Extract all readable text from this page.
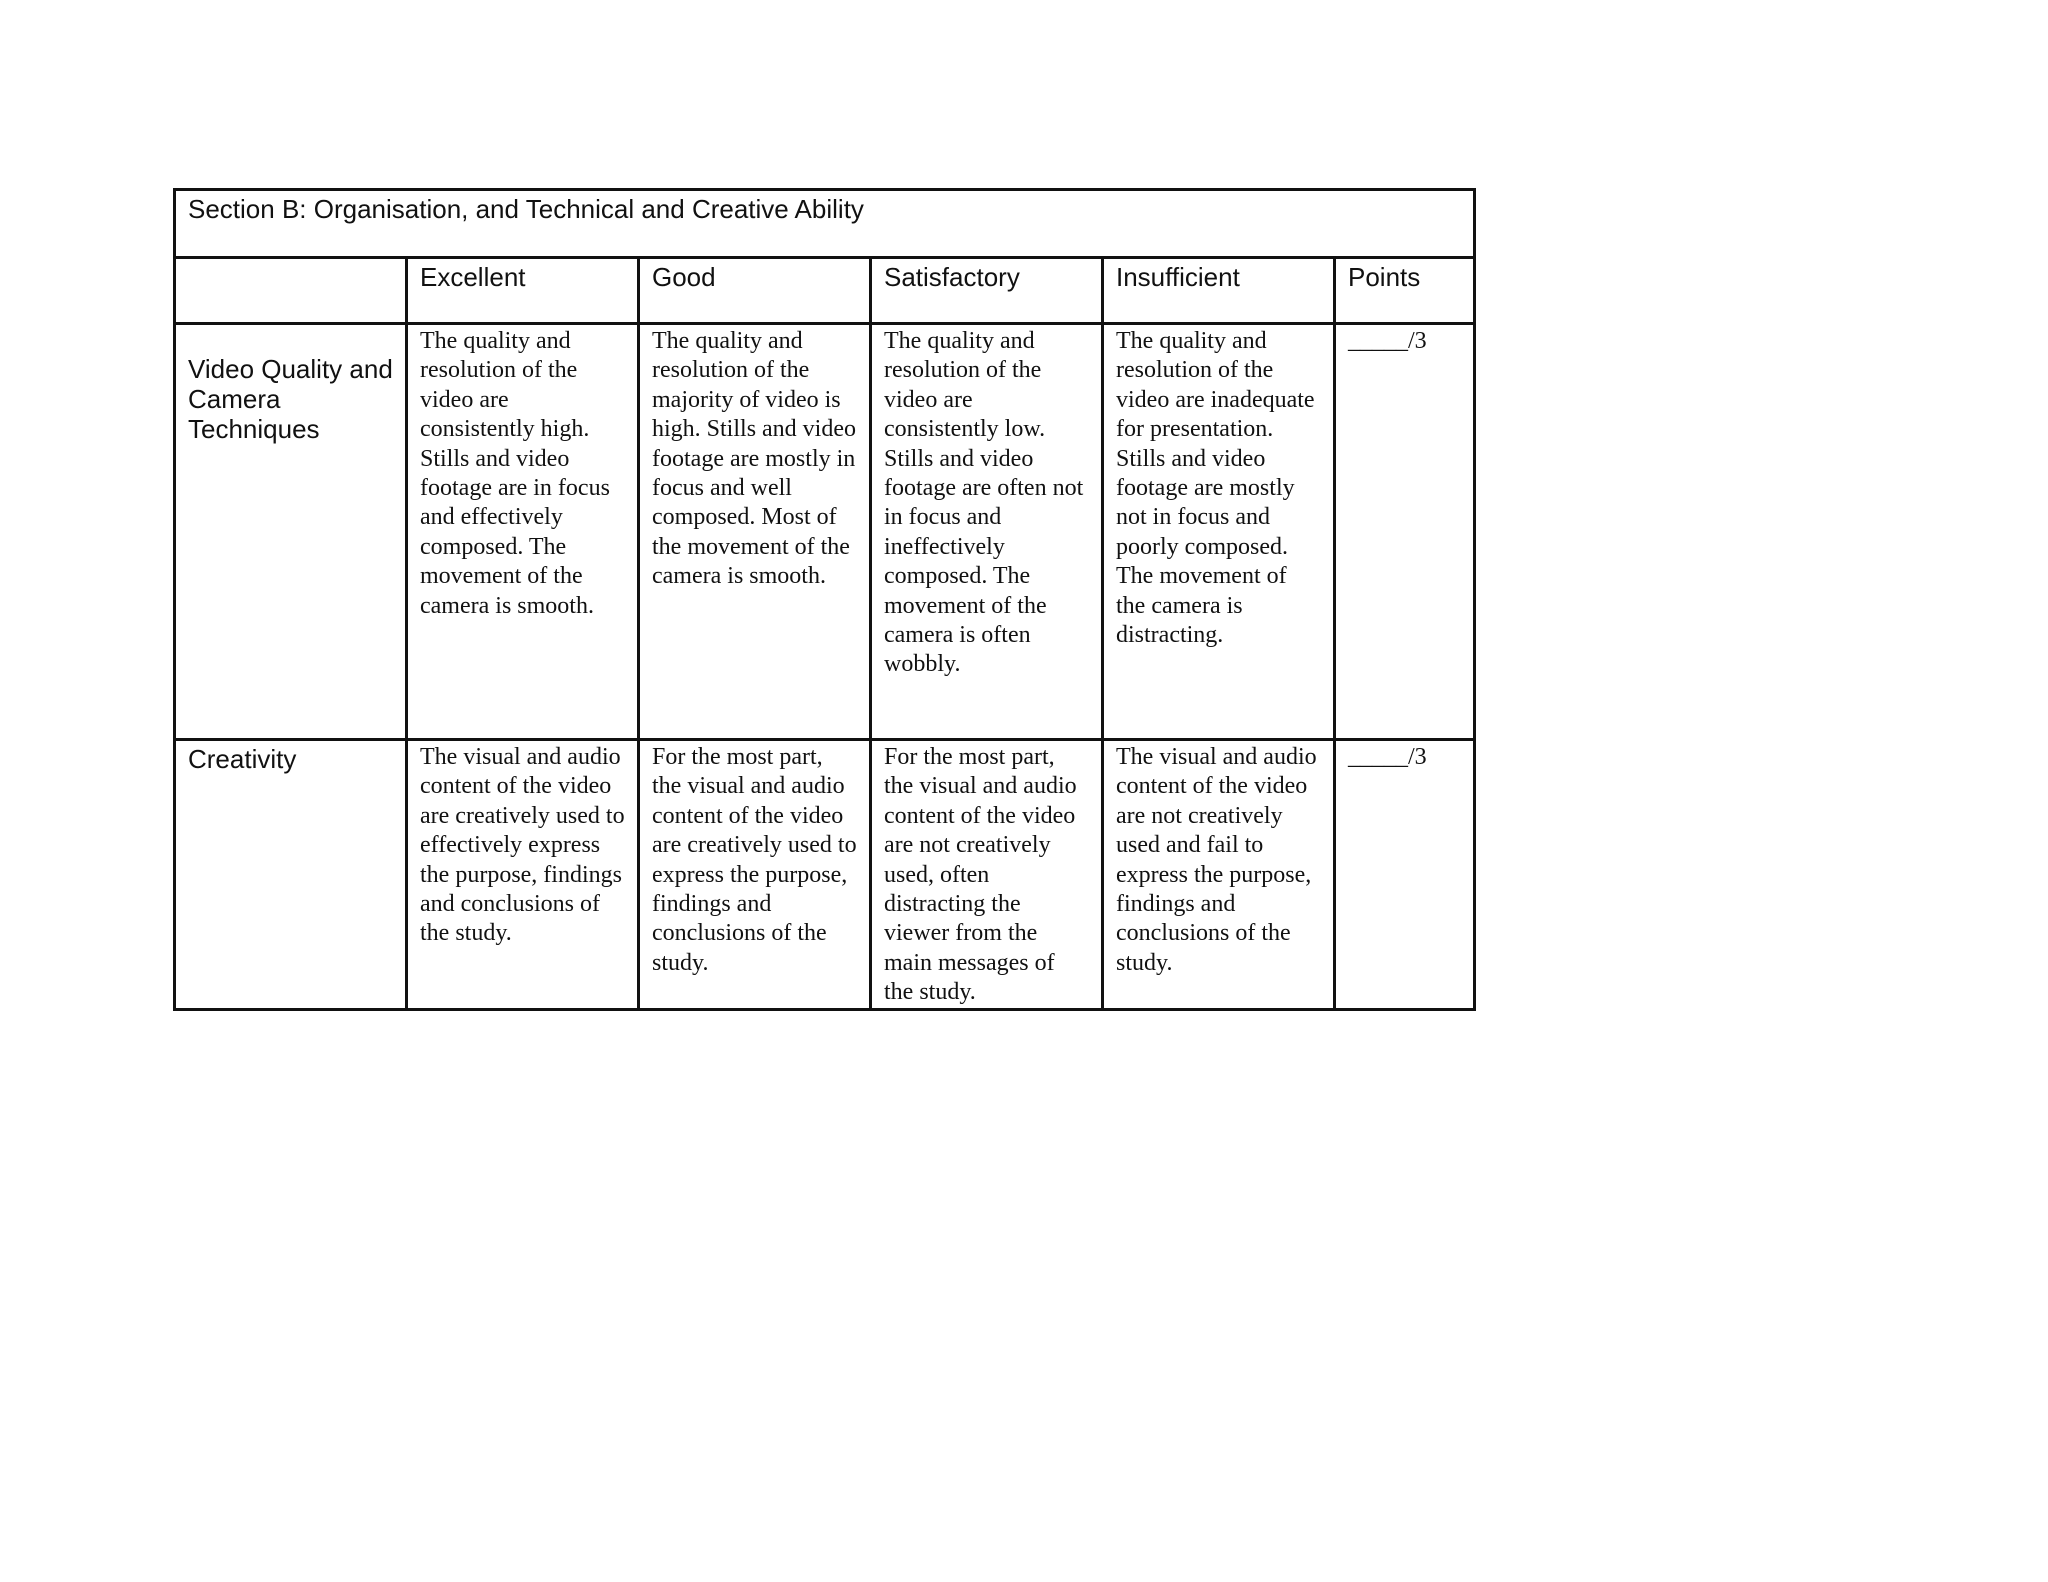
Section B: Organisation, and Technical and Creative Ability					
	Excellent	Good	Satisfactory	Insufficient	Points
Video Quality and Camera Techniques	The quality and resolution of the video are consistently high. Stills and video footage are in focus and effectively composed. The movement of the camera is smooth.	The quality and resolution of the majority of video is high. Stills and video footage are mostly in focus and well composed. Most of the movement of the camera is smooth.	The quality and resolution of the video are consistently low. Stills and video footage are often not in focus and ineffectively composed. The movement of the camera is often wobbly.	The quality and resolution of the video are inadequate for presentation. Stills and video footage are mostly not in focus and poorly composed. The movement of the camera is distracting.	_____/3
Creativity	The visual and audio content of the video are creatively used to effectively express the purpose, findings and conclusions of the study.	For the most part, the visual and audio content of the video are creatively used to express the purpose, findings and conclusions of the study.	For the most part, the visual and audio content of the video are not creatively used, often distracting the viewer from the main messages of the study.	The visual and audio content of the video are not creatively used and fail to express the purpose, findings and conclusions of the study.	_____/3
